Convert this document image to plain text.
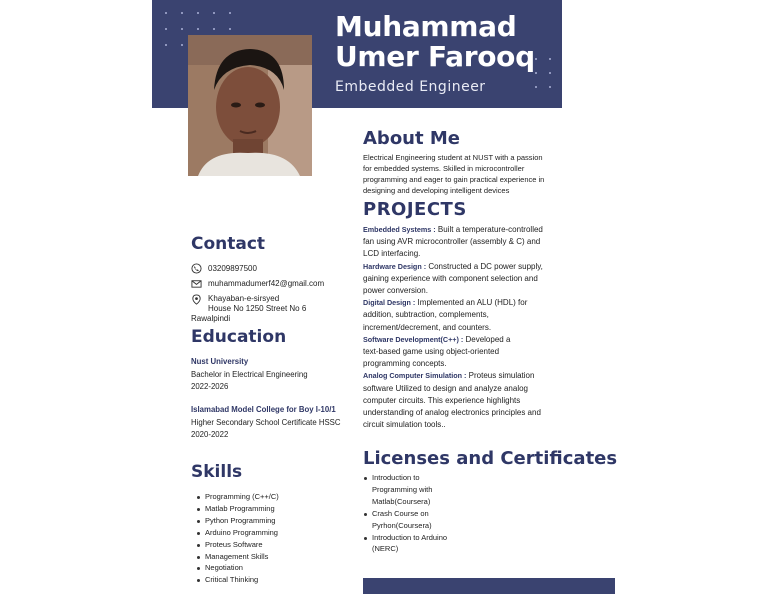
Muhammad
Umer Farooq
Embedded Engineer
About Me
Electrical Engineering student at NUST with a passion
for embedded systems. Skilled in microcontroller
programming and eager to gain practical experience in
designing and developing intelligent devices
PROJECTS
Embedded Systems : Built a temperature-controlled
fan using AVR microcontroller (assembly & C) and
LCD interfacing.
Hardware Design : Constructed a DC power supply,
gaining experience with component selection and
power conversion.
Digital Design : Implemented an ALU (HDL) for
addition, subtraction, complements,
increment/decrement, and counters.
Software Development(C++) : Developed a
text-based game using object-oriented
programming concepts.
Analog Computer Simulation : Proteus simulation
software Utilized to design and analyze analog
computer circuits. This experience highlights
understanding of analog electronics principles and
circuit simulation tools..
Contact
03209897500
muhammadumerf42@gmail.com
Khayaban-e-sirsyed
House No 1250 Street No 6
Rawalpindi
Education
Nust University
Bachelor in Electrical Engineering
2022-2026
Islamabad Model College for Boy I-10/1
Higher Secondary School Certificate HSSC
2020-2022
Skills
Programming (C++/C)
Matlab Programming
Python Programming
Arduino Programming
Proteus Software
Management Skills
Negotiation
Critical Thinking
Licenses and Certificates
Introduction to
Programming with
Matlab(Coursera)
Crash Course on
Pyrhon(Coursera)
Introduction to Arduino
(NERC)
